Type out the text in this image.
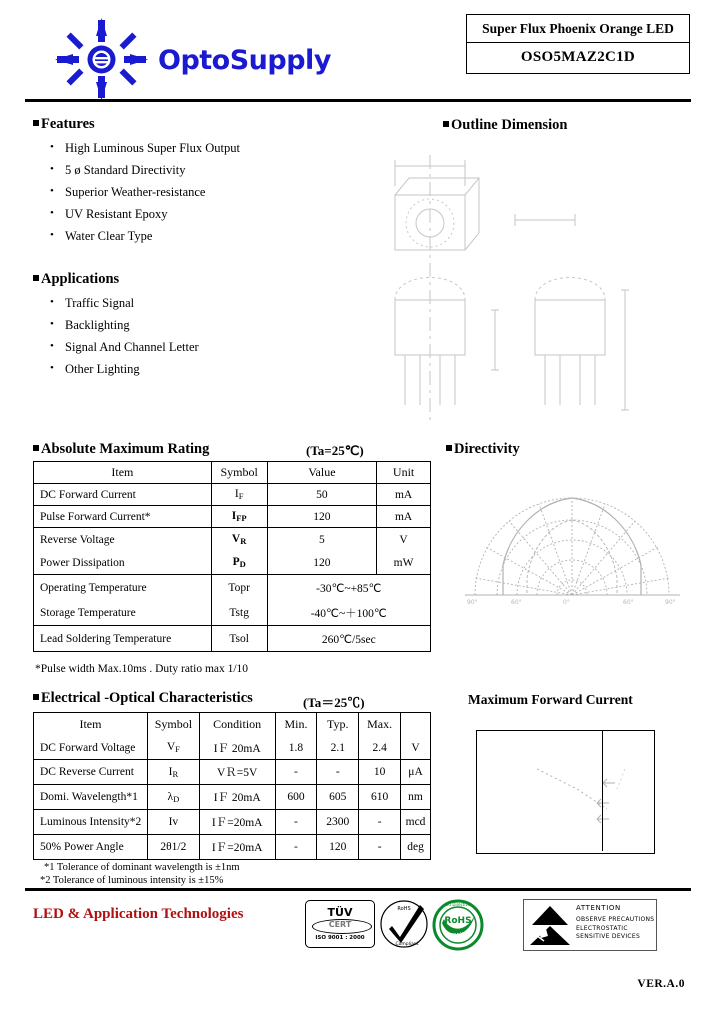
OptoSupply
Super Flux Phoenix Orange LED
OSO5MAZ2C1D
Features
• High Luminous Super Flux Output
• 5 ø Standard Directivity
• Superior Weather-resistance
• UV Resistant Epoxy
• Water Clear Type
Applications
• Traffic Signal
• Backlighting
• Signal And Channel Letter
• Other Lighting
Outline Dimension
Absolute Maximum Rating	(Ta=25℃)
Item	Symbol	Value	Unit
DC Forward Current	$I_F$	50	mA
Pulse Forward Current*	$I_{FP}$	120	mA
Reverse Voltage	$V_R$	5	V
Power Dissipation	$P_D$	120	mW
Operating Temperature	Topr	-30℃~+85℃	
Storage Temperature	Tstg	-40℃~＋100℃	
Lead Soldering Temperature	Tsol	260℃/5sec	
*Pulse width Max.10ms . Duty ratio max 1/10
Directivity
90°	60°	0°	60°	90°
Electrical -Optical Characteristics	(Ta＝25℃)
Item	Symbol	Condition	Min.	Typ.	Max.	
DC Forward Voltage	$V_F$	IＦ 20mA	1.8	2.1	2.4	V
DC Reverse Current	$I_R$	VＲ=5V	-	-	10	μA
Domi. Wavelength*1	$\lambda_D$	IＦ 20mA	600	605	610	nm
Luminous Intensity*2	Iv	IＦ=20mA	-	2300	-	mcd
50% Power Angle	2θ1/2	IＦ=20mA	-	120	-	deg
*1 Tolerance of dominant wavelength is ±1nm
*2 Tolerance of luminous intensity is ±15%
Maximum Forward Current
LED & Application Technologies	TÜV
CERT
ISO 9001 : 2000
RoHS
Compliant
RoHS
Compliant
EU Directive	ATTENTION
OBSERVE PRECAUTIONS
ELECTROSTATIC
SENSITIVE DEVICES
VER.A.0
